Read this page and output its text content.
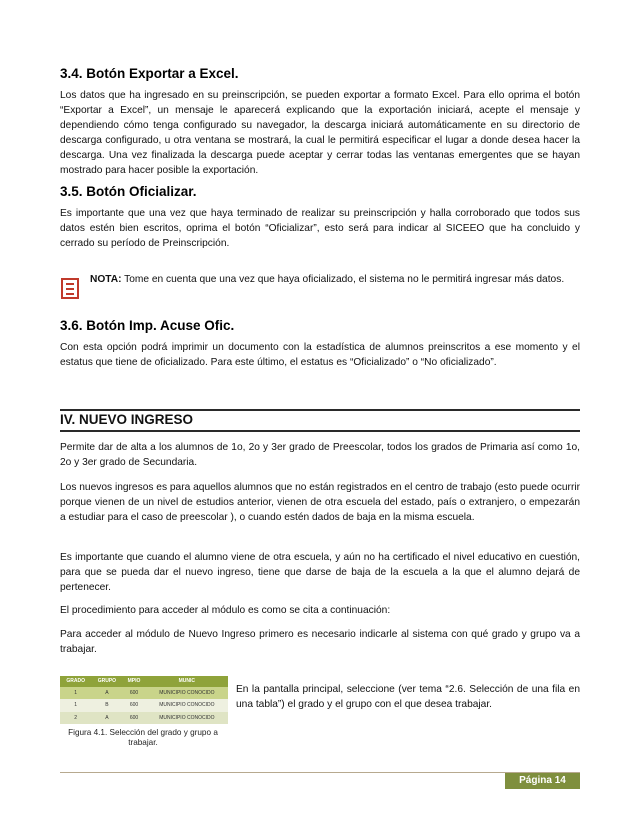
3.4. Botón Exportar a Excel.

Los datos que ha ingresado en su preinscripción, se pueden exportar a formato Excel. Para ello oprima el botón “Exportar a Excel”, un mensaje le aparecerá explicando que la exportación iniciará, acepte el mensaje y dependiendo cómo tenga configurado su navegador, la descarga iniciará automáticamente en su directorio de descarga configurado, u otra ventana se mostrará, la cual le permitirá especificar el lugar a donde desea hacer la descarga. Una vez finalizada la descarga puede aceptar y cerrar todas las ventanas emergentes que se hayan mostrado para hacer posible la exportación.

3.5. Botón Oficializar.

Es importante que una vez que haya terminado de realizar su preinscripción y halla corroborado que todos sus datos estén bien escritos, oprima el botón “Oficializar”, esto será para indicar al SICEEO que ha concluido y cerrado su período de Preinscripción.

NOTA: Tome en cuenta que una vez que haya oficializado, el sistema no le permitirá ingresar más datos.
3.6. Botón Imp. Acuse Ofic.

Con esta opción podrá imprimir un documento con la estadística de alumnos preinscritos a ese momento y el estatus que tiene de oficializado. Para este último, el estatus es “Oficializado” o “No oficializado”.

IV. NUEVO INGRESO

Permite dar de alta a los alumnos de 1o, 2o y 3er grado de Preescolar, todos los grados de Primaria así como 1o, 2o y 3er grado de Secundaria.

Los nuevos ingresos es para aquellos alumnos que no están registrados en el centro de trabajo (esto puede ocurrir porque vienen de un nivel de estudios anterior, vienen de otra escuela del estado, país o extranjero, o empezarán a estudiar para el caso de preescolar ), o cuando estén dados de baja en la misma escuela.

Es importante que cuando el alumno viene de otra escuela, y aún no ha certificado el nivel educativo en cuestión, para que se pueda dar el nuevo ingreso, tiene que darse de baja de la escuela a la que el alumno dejará de pertenecer.

El procedimiento para acceder al módulo es como se cita a continuación:

Para acceder al módulo de Nuevo Ingreso primero es necesario indicarle al sistema con qué grado y grupo va a trabajar.

GRADO	GRUPO	MPIO	MUNIC
1	A	600	MUNICIPIO CONOCIDO
1	B	600	MUNICIPIO CONOCIDO
2	A	600	MUNICIPIO CONOCIDO
Figura 4.1. Selección del grado y grupo a trabajar.

En la pantalla principal, seleccione (ver tema “2.6. Selección de una fila en una tabla”) el grado y el grupo con el que desea trabajar.

Página 14
